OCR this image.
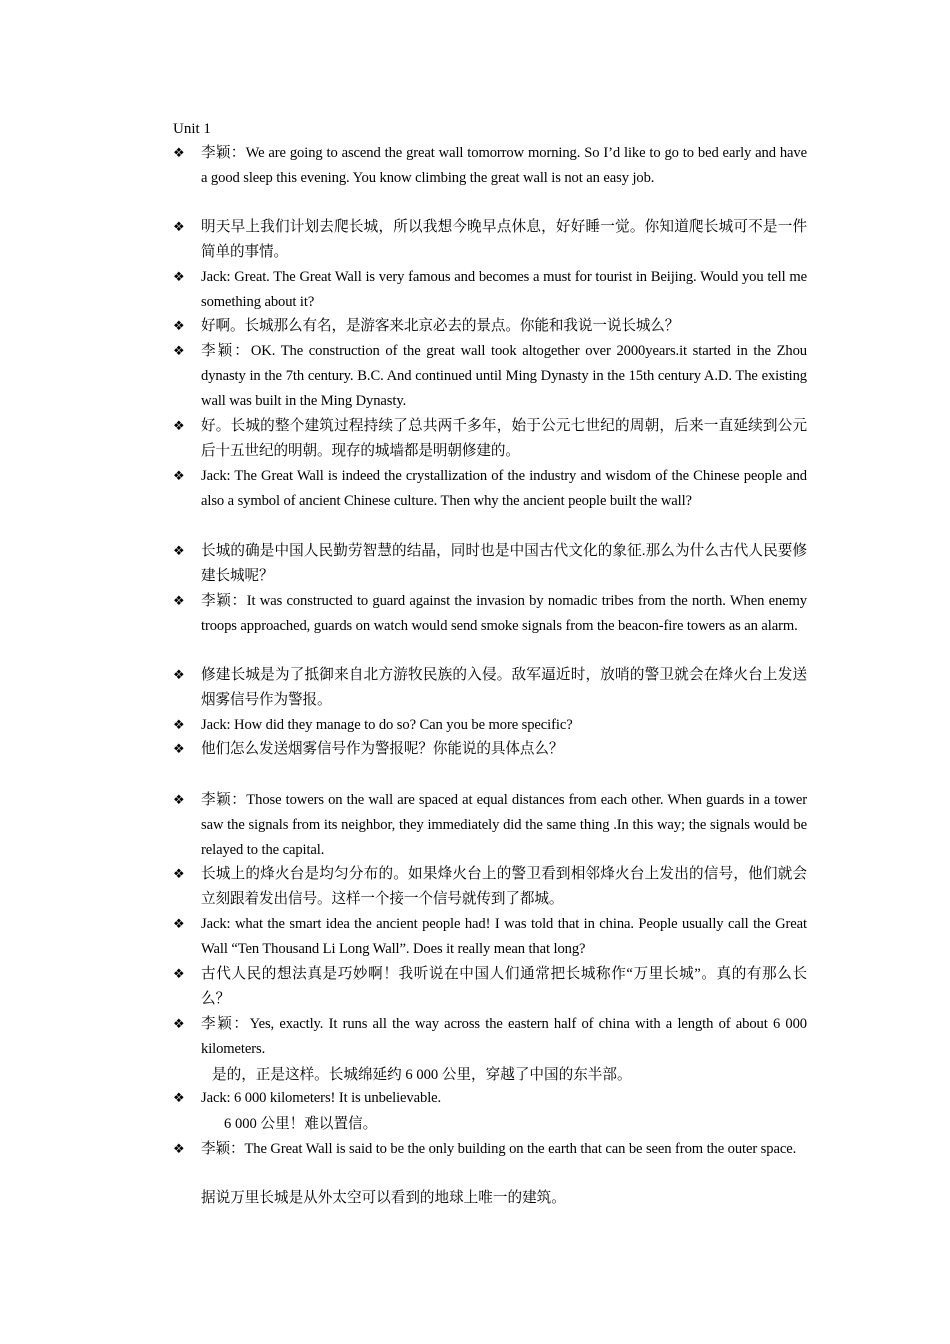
Unit 1
❖ 李颖：We are going to ascend the great wall tomorrow morning. So I’d like to go to bed early and have a good sleep this evening. You know climbing the great wall is not an easy job.
❖ 明天早上我们计划去爬长城，所以我想今晚早点休息，好好睡一觉。你知道爬长城可不是一件简单的事情。
❖ Jack: Great. The Great Wall is very famous and becomes a must for tourist in Beijing. Would you tell me something about it?
❖ 好啊。长城那么有名，是游客来北京必去的景点。你能和我说一说长城么？
❖ 李颖：OK. The construction of the great wall took altogether over 2000years.it started in the Zhou dynasty in the 7th century. B.C. And continued until Ming Dynasty in the 15th century A.D. The existing wall was built in the Ming Dynasty.
❖ 好。长城的整个建筑过程持续了总共两千多年，始于公元七世纪的周朝，后来一直延续到公元后十五世纪的明朝。现存的城墙都是明朝修建的。
❖ Jack: The Great Wall is indeed the crystallization of the industry and wisdom of the Chinese people and also a symbol of ancient Chinese culture. Then why the ancient people built the wall?
❖ 长城的确是中国人民勤劳智慧的结晶，同时也是中国古代文化的象征.那么为什么古代人民要修建长城呢？
❖ 李颖：It was constructed to guard against the invasion by nomadic tribes from the north. When enemy troops approached, guards on watch would send smoke signals from the beacon-fire towers as an alarm.
❖ 修建长城是为了抵御来自北方游牧民族的入侵。敌军逼近时，放哨的警卫就会在烽火台上发送烟雾信号作为警报。
❖ Jack: How did they manage to do so? Can you be more specific?
❖ 他们怎么发送烟雾信号作为警报呢？你能说的具体点么？
❖ 李颖：Those towers on the wall are spaced at equal distances from each other. When guards in a tower saw the signals from its neighbor, they immediately did the same thing .In this way; the signals would be relayed to the capital.
❖ 长城上的烽火台是均匀分布的。如果烽火台上的警卫看到相邻烽火台上发出的信号，他们就会立刻跟着发出信号。这样一个接一个信号就传到了都城。
❖ Jack: what the smart idea the ancient people had! I was told that in china. People usually call the Great Wall “Ten Thousand Li Long Wall”. Does it really mean that long?
❖ 古代人民的想法真是巧妙啊！我听说在中国人们通常把长城称作“万里长城”。真的有那么长么？
❖ 李颖：Yes, exactly. It runs all the way across the eastern half of china with a length of about 6 000 kilometers.
是的，正是这样。长城绵延约 6 000 公里，穿越了中国的东半部。
❖ Jack: 6 000 kilometers! It is unbelievable.
6 000 公里！难以置信。
❖ 李颖：The Great Wall is said to be the only building on the earth that can be seen from the outer space.
据说万里长城是从外太空可以看到的地球上唯一的建筑。
